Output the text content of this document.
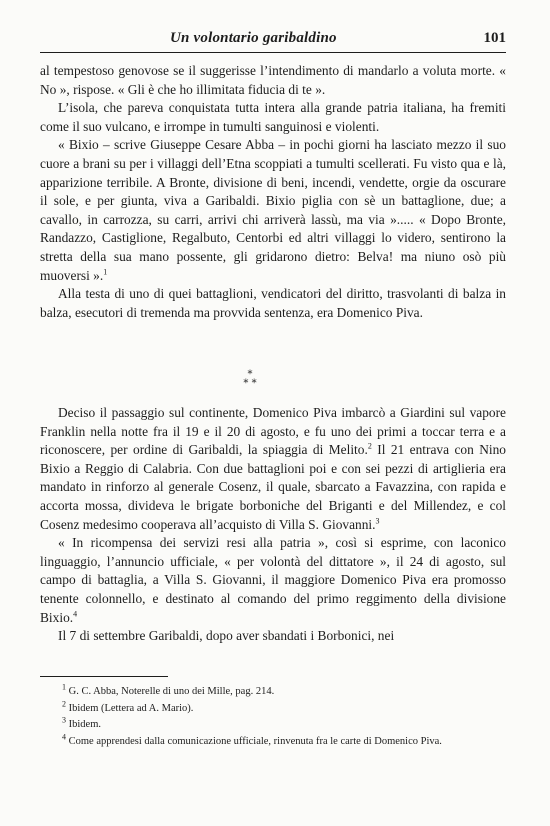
Un volontario garibaldino	101

al tempestoso genovose se il suggerisse l’intendimento di mandarlo a voluta morte. « No », rispose. « Gli è che ho illimitata fiducia di te ».

L’isola, che pareva conquistata tutta intera alla grande patria italiana, ha fremiti come il suo vulcano, e irrompe in tumulti sanguinosi e violenti.

« Bixio – scrive Giuseppe Cesare Abba – in pochi giorni ha lasciato mezzo il suo cuore a brani su per i villaggi dell’Etna scoppiati a tumulti scellerati. Fu visto qua e là, apparizione terribile. A Bronte, divisione di beni, incendi, vendette, orgie da oscurare il sole, e per giunta, viva a Garibaldi. Bixio piglia con sè un battaglione, due; a cavallo, in carrozza, su carri, arrivi chi arriverà lassù, ma via »..... « Dopo Bronte, Randazzo, Castiglione, Regalbuto, Centorbi ed altri villaggi lo videro, sentirono la stretta della sua mano possente, gli gridarono dietro: Belva! ma niuno osò più muoversi ».$^1$

Alla testa di uno di quei battaglioni, vendicatori del diritto, trasvolanti di balza in balza, esecutori di tremenda ma provvida sentenza, era Domenico Piva.

*
* *

Deciso il passaggio sul continente, Domenico Piva imbarcò a Giardini sul vapore Franklin nella notte fra il 19 e il 20 di agosto, e fu uno dei primi a toccar terra e a riconoscere, per ordine di Garibaldi, la spiaggia di Melito.$^2$ Il 21 entrava con Nino Bixio a Reggio di Calabria. Con due battaglioni poi e con sei pezzi di artiglieria era mandato in rinforzo al generale Cosenz, il quale, sbarcato a Favazzina, con rapida e accorta mossa, divideva le brigate borboniche del Briganti e del Millendez, e col Cosenz medesimo cooperava all’acquisto di Villa S. Giovanni.$^3$

« In ricompensa dei servizi resi alla patria », così si esprime, con laconico linguaggio, l’annuncio ufficiale, « per volontà del dittatore », il 24 di agosto, sul campo di battaglia, a Villa S. Giovanni, il maggiore Domenico Piva era promosso tenente colonnello, e destinato al comando del primo reggimento della divisione Bixio.$^4$

Il 7 di settembre Garibaldi, dopo aver sbandati i Borbonici, nei

$^1$ G. C. Abba, Noterelle di uno dei Mille, pag. 214.
$^2$ Ibidem (Lettera ad A. Mario).
$^3$ Ibidem.
$^4$ Come apprendesi dalla comunicazione ufficiale, rinvenuta fra le carte di Domenico Piva.
